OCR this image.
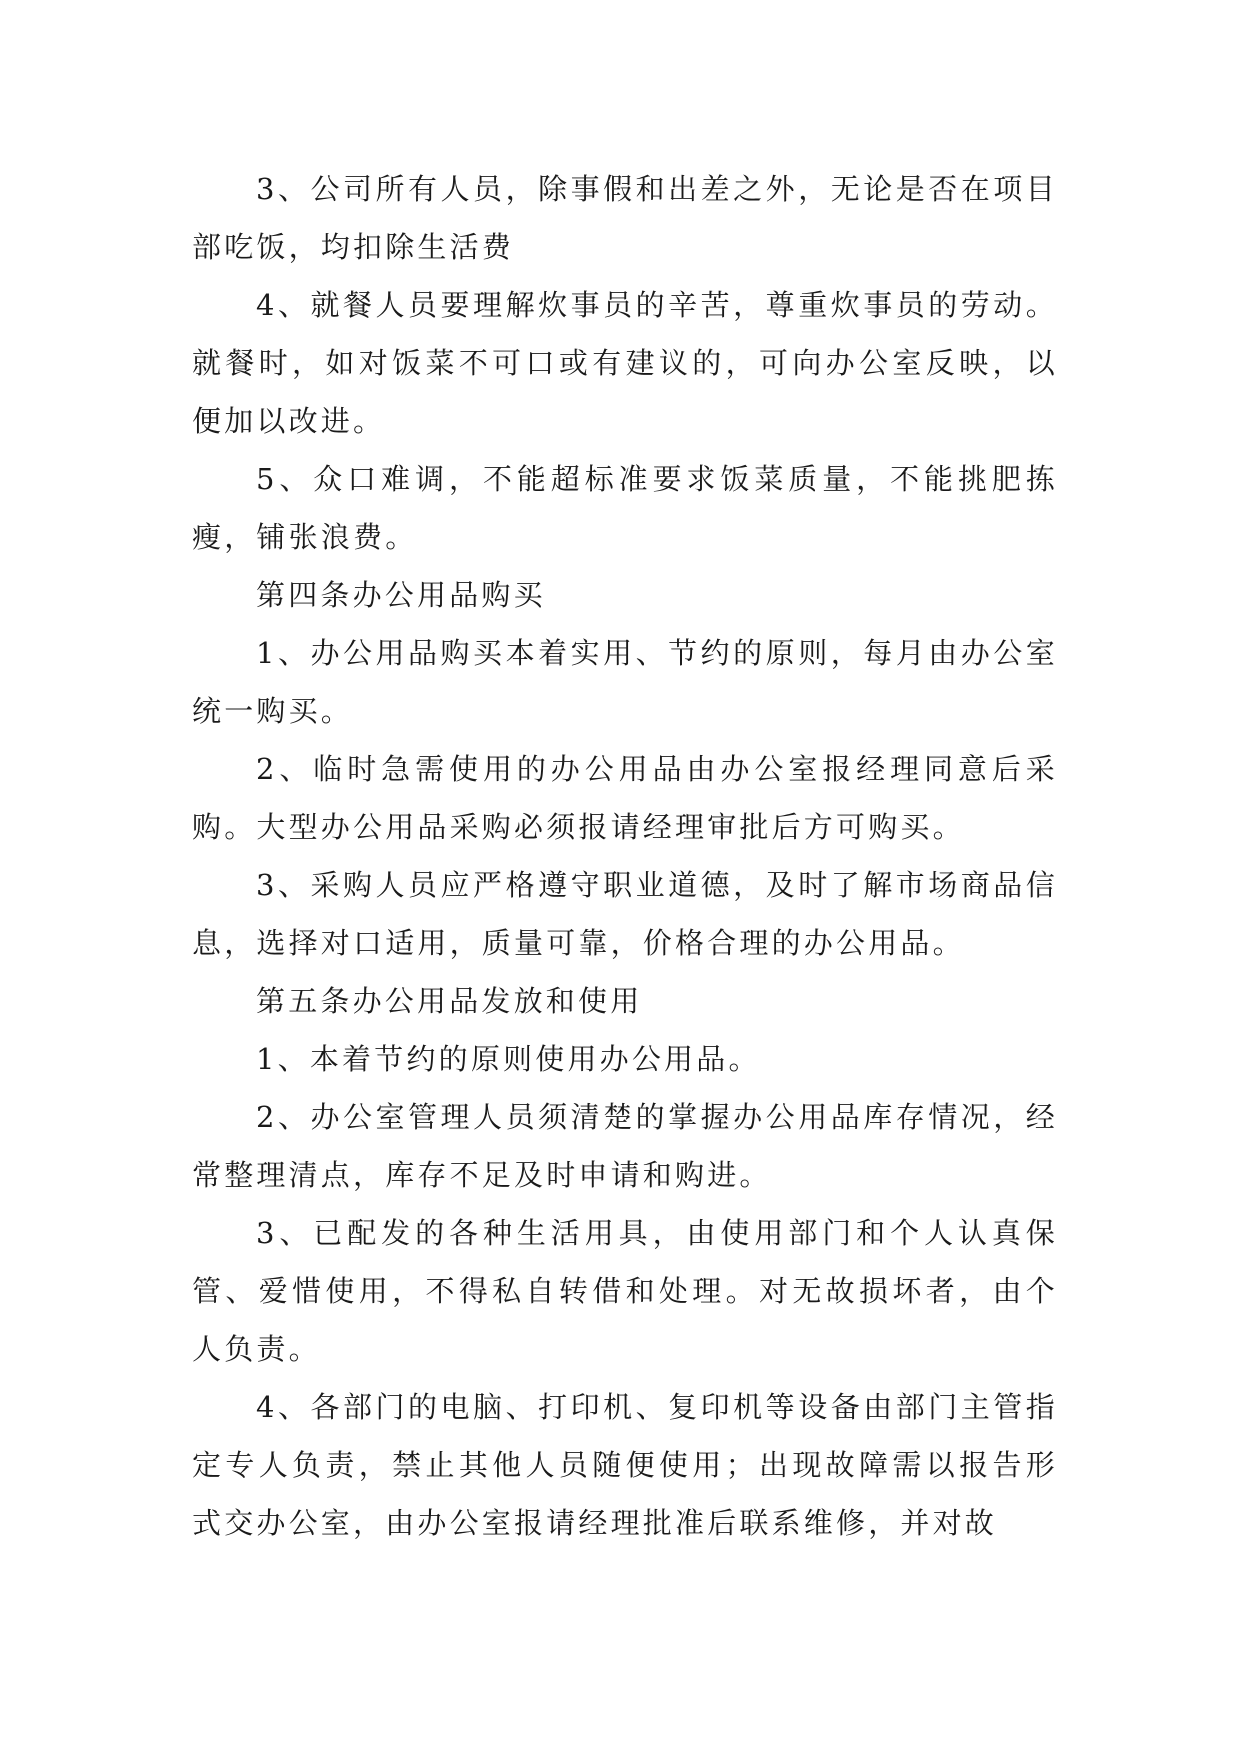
3、公司所有人员，除事假和出差之外，无论是否在项目部吃饭，均扣除生活费

4、就餐人员要理解炊事员的辛苦，尊重炊事员的劳动。就餐时，如对饭菜不可口或有建议的，可向办公室反映，以便加以改进。

5、众口难调，不能超标准要求饭菜质量，不能挑肥拣瘦，铺张浪费。

第四条办公用品购买

1、办公用品购买本着实用、节约的原则，每月由办公室统一购买。

2、临时急需使用的办公用品由办公室报经理同意后采购。大型办公用品采购必须报请经理审批后方可购买。

3、采购人员应严格遵守职业道德，及时了解市场商品信息，选择对口适用，质量可靠，价格合理的办公用品。

第五条办公用品发放和使用

1、本着节约的原则使用办公用品。

2、办公室管理人员须清楚的掌握办公用品库存情况，经常整理清点，库存不足及时申请和购进。

3、已配发的各种生活用具，由使用部门和个人认真保管、爱惜使用，不得私自转借和处理。对无故损坏者，由个人负责。

4、各部门的电脑、打印机、复印机等设备由部门主管指定专人负责，禁止其他人员随便使用；出现故障需以报告形式交办公室，由办公室报请经理批准后联系维修，并对故
